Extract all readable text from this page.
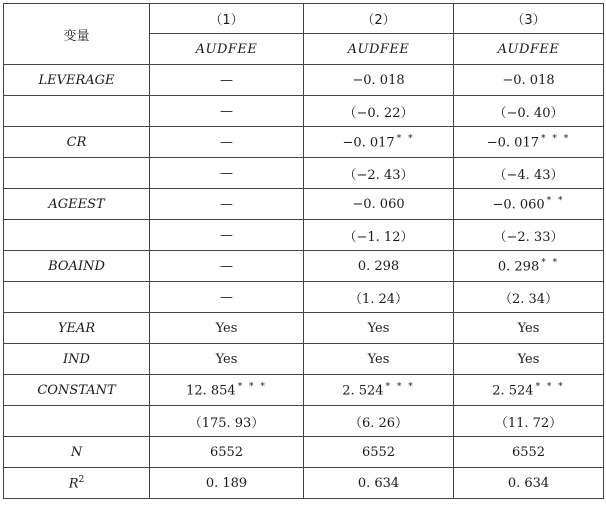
变量	（1）	（2）	（3）
	AUDFEE	AUDFEE	AUDFEE
LEVERAGE	—	−0. 018	−0. 018
	—	（−0. 22）	（−0. 40）
CR	—	−0. 017 * *	−0. 017 * * *
	—	（−2. 43）	（−4. 43）
AGEEST	—	−0. 060	−0. 060 * *
	—	（−1. 12）	（−2. 33）
BOAIND	—	0. 298	0. 298 * *
	—	（1. 24）	（2. 34）
YEAR	Yes	Yes	Yes
IND	Yes	Yes	Yes
CONSTANT	12. 854 * * *	2. 524 * * *	2. 524 * * *
	（175. 93）	（6. 26）	（11. 72）
N	6552	6552	6552
$R^2$	0. 189	0. 634	0. 634
